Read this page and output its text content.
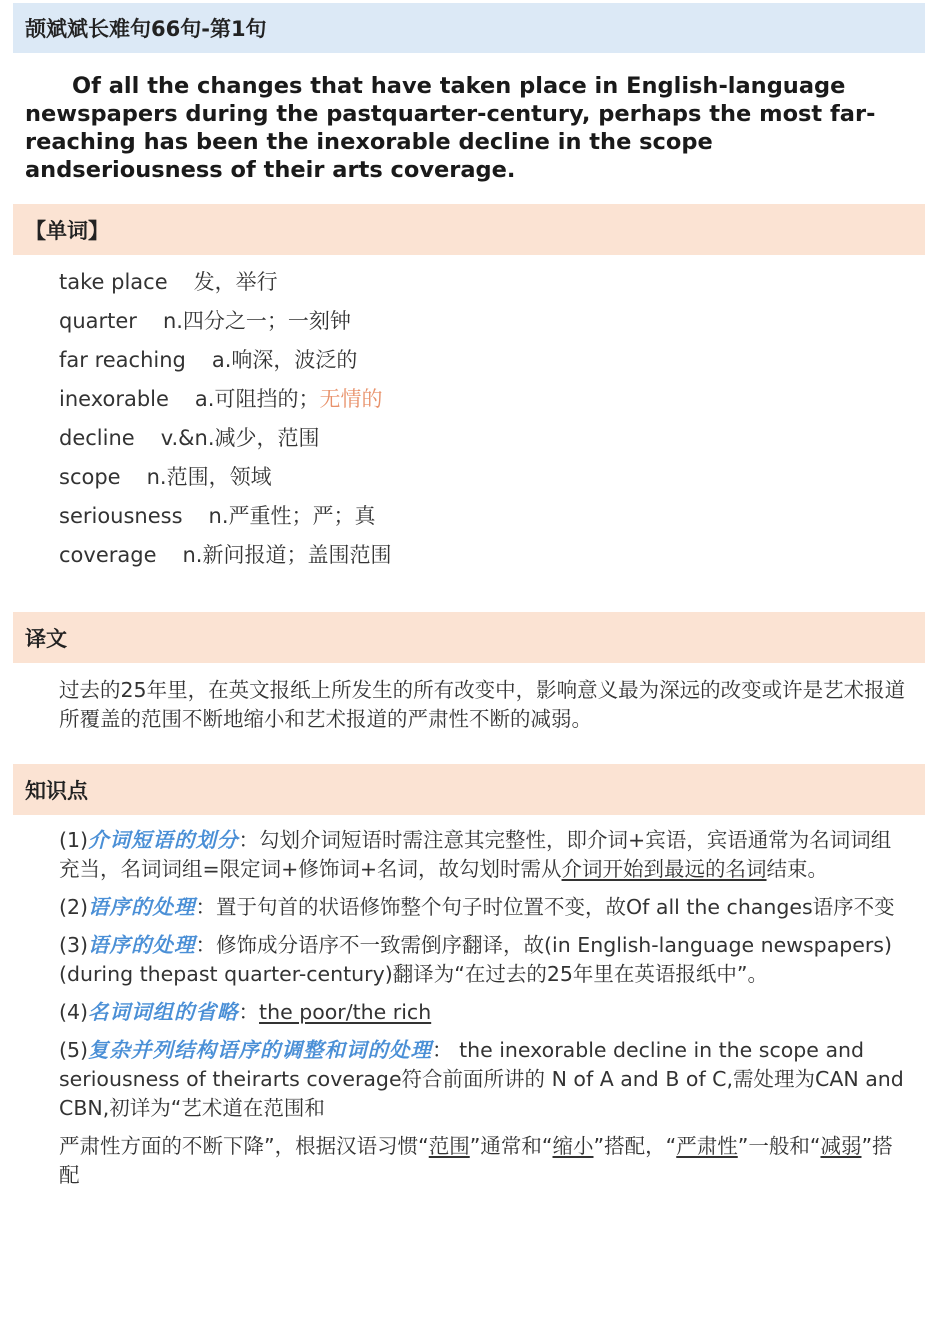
颉斌斌长难句66句-第1句

Of all the changes that have taken place in English-language newspapers during the pastquarter-century, perhaps the most far-reaching has been the inexorable decline in the scope andseriousness of their arts coverage.

【单词】
take place 发，举行
quarter n.四分之一；一刻钟
far reaching a.响深，波泛的
inexorable a.可阻挡的；无情的
decline v.&n.减少，范围
scope n.范围，领域
seriousness n.严重性；严；真
coverage n.新问报道；盖围范围
译文

过去的25年里，在英文报纸上所发生的所有改变中，影响意义最为深远的改变或许是艺术报道所覆盖的范围不断地缩小和艺术报道的严肃性不断的减弱。

知识点

(1)介词短语的划分：勾划介词短语时需注意其完整性，即介词+宾语，宾语通常为名词词组充当，名词词组=限定词+修饰词+名词，故勾划时需从介词开始到最远的名词结束。

(2)语序的处理：置于句首的状语修饰整个句子时位置不变，故Of all the changes语序不变

(3)语序的处理：修饰成分语序不一致需倒序翻译，故(in English-language newspapers)(during thepast quarter-century)翻译为“在过去的25年里在英语报纸中”。

(4)名词词组的省略：the poor/the rich

(5)复杂并列结构语序的调整和词的处理： the inexorable decline in the scope and seriousness of theirarts coverage符合前面所讲的 N of A and B of C,需处理为CAN and CBN,初详为“艺术道在范围和

严肃性方面的不断下降”，根据汉语习惯“范围”通常和“缩小”搭配，“严肃性”一般和“减弱”搭配
